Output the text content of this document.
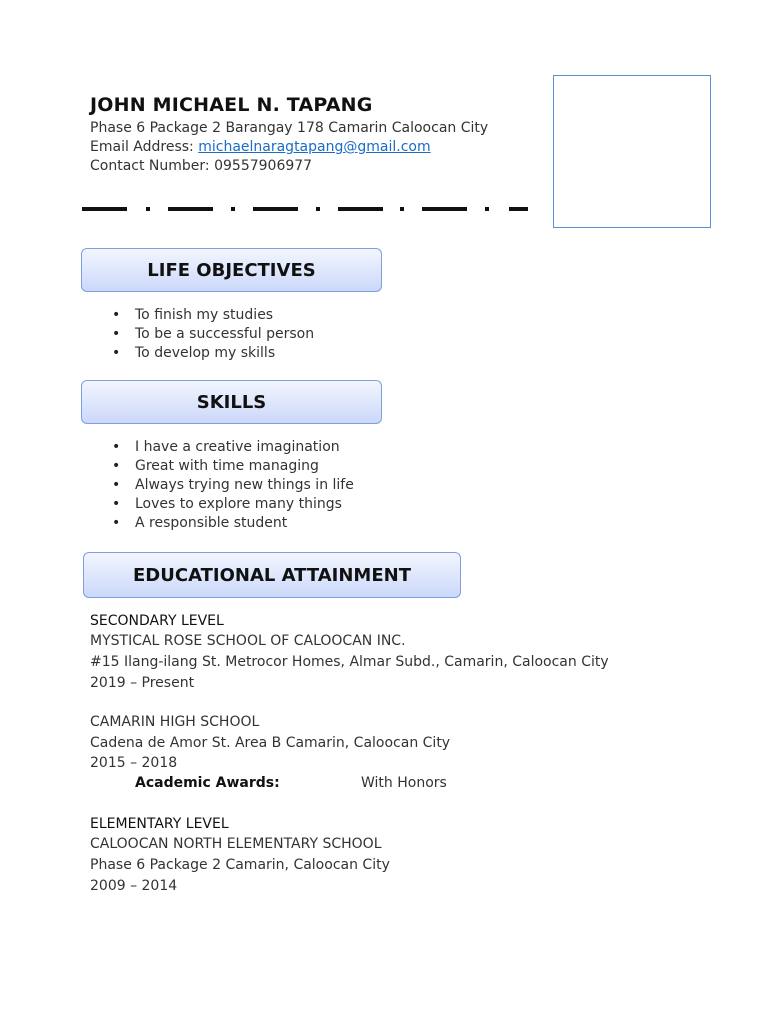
JOHN MICHAEL N. TAPANG
Phase 6 Package 2 Barangay 178 Camarin Caloocan City
Email Address: michaelnaragtapang@gmail.com
Contact Number: 09557906977
LIFE OBJECTIVES
• To finish my studies
• To be a successful person
• To develop my skills
SKILLS
• I have a creative imagination
• Great with time managing
• Always trying new things in life
• Loves to explore many things
• A responsible student
EDUCATIONAL ATTAINMENT
SECONDARY LEVEL
MYSTICAL ROSE SCHOOL OF CALOOCAN INC.
#15 Ilang-ilang St. Metrocor Homes, Almar Subd., Camarin, Caloocan City
2019 – Present
CAMARIN HIGH SCHOOL
Cadena de Amor St. Area B Camarin, Caloocan City
2015 – 2018
Academic Awards:	With Honors
ELEMENTARY LEVEL
CALOOCAN NORTH ELEMENTARY SCHOOL
Phase 6 Package 2 Camarin, Caloocan City
2009 – 2014
